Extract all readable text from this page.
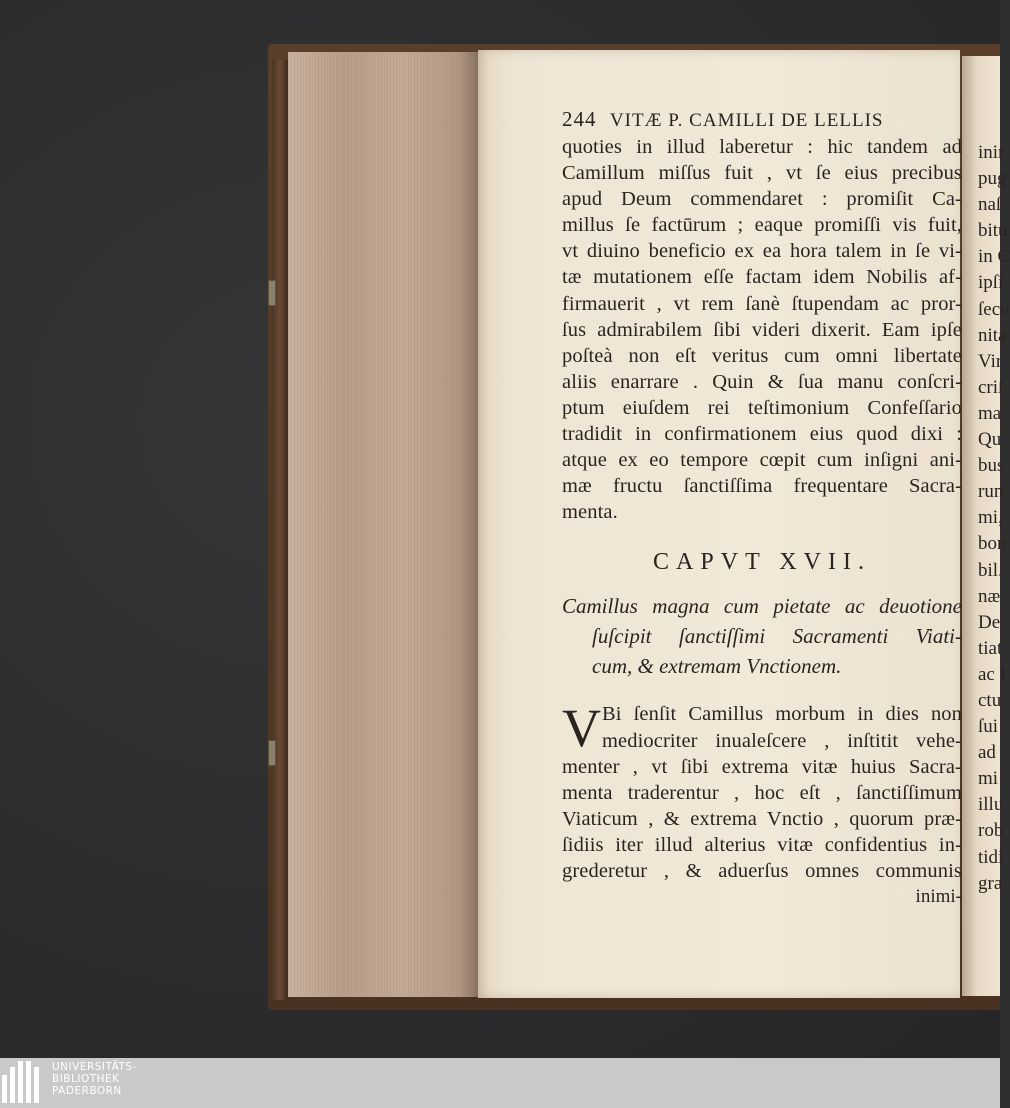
244 VITÆ P. CAMILLI DE LELLIS
quoties in illud laberetur : hic tandem ad
Camillum miſſus fuit , vt ſe eius precibus
apud Deum commendaret : promiſit Ca-
millus ſe factūrum ; eaque promiſſi vis fuit,
vt diuino beneficio ex ea hora talem in ſe vi-
tæ mutationem eſſe factam idem Nobilis af-
firmauerit , vt rem ſanè ſtupendam ac pror-
ſus admirabilem ſibi videri dixerit. Eam ipſe
poſteà non eſt veritus cum omni libertate
aliis enarrare . Quin & ſua manu conſcri-
ptum eiuſdem rei teſtimonium Confeſſario
tradidit in confirmationem eius quod dixi :
atque ex eo tempore cœpit cum inſigni ani-
mæ fructu ſanctiſſima frequentare Sacra-
menta.
CAPVT XVII.
Camillus magna cum pietate ac deuotione
ſuſcipit ſanctiſſimi Sacramenti Viati-
cum, & extremam Vnctionem.
V Bi ſenſit Camillus morbum in dies non
mediocriter inualeſcere , inſtitit vehe-
menter , vt ſibi extrema vitæ huius Sacra-
menta traderentur , hoc eſt , ſanctiſſimum
Viaticum , & extrema Vnctio , quorum præ-
ſidiis iter illud alterius vitæ confidentius in-
grederetur , & aduerſus omnes communis
inimi-
inir
pug
naſ
bitu
in C
ipſi
ſecu
nita
Vir
criſ
ma
Qu
bus
run
mi,
bon
bil.
næ
De
tiat
ac I
ctu
ſui
ad
mi
illu
rob
tidi
gra
UNIVERSITÄTS-
BIBLIOTHEK
PADERBORN
